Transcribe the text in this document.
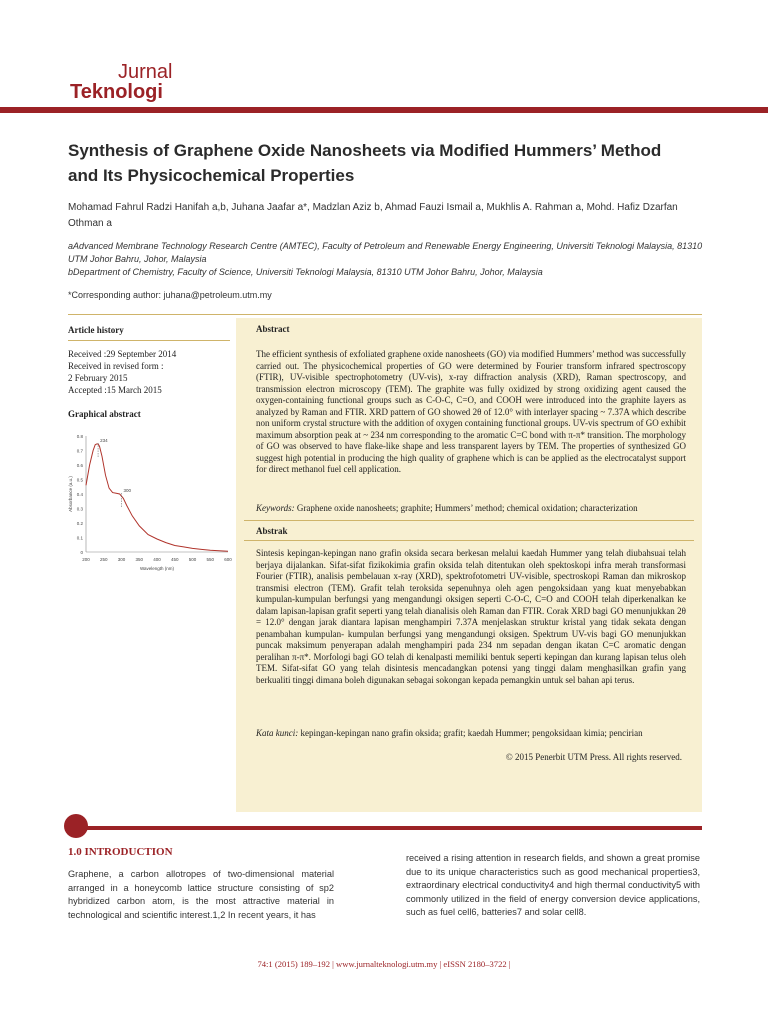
Jurnal
Teknologi
Synthesis of Graphene Oxide Nanosheets via Modified Hummers’ Method
and Its Physicochemical Properties
Mohamad Fahrul Radzi Hanifah a,b, Juhana Jaafar a*, Madzlan Aziz b, Ahmad Fauzi Ismail a, Mukhlis A. Rahman a, Mohd. Hafiz Dzarfan Othman a
aAdvanced Membrane Technology Research Centre (AMTEC), Faculty of Petroleum and Renewable Energy Engineering, Universiti Teknologi Malaysia, 81310 UTM Johor Bahru, Johor, Malaysia
bDepartment of Chemistry, Faculty of Science, Universiti Teknologi Malaysia, 81310 UTM Johor Bahru, Johor, Malaysia
*Corresponding author: juhana@petroleum.utm.my
Article history
Received :29 September 2014
Received in revised form :
2 February 2015
Accepted :15 March 2015
Graphical abstract
0
0.1
0.2
0.3
0.4
0.5
0.6
0.7
0.8
200 250 300 350 400 450 500 550 600
Wavelength (nm)
Absorbance (a.u.)
234
300
Abstract
The efficient synthesis of exfoliated graphene oxide nanosheets (GO) via modified Hummers’ method was successfully carried out. The physicochemical properties of GO were determined by Fourier transform infrared spectroscopy (FTIR), UV-visible spectrophotometry (UV-vis), x-ray diffraction analysis (XRD), Raman spectroscopy, and transmission electron microscopy (TEM). The graphite was fully oxidized by strong oxidizing agent caused the oxygen-containing functional groups such as C-O-C, C=O, and COOH were introduced into the graphite layers as analyzed by Raman and FTIR. XRD pattern of GO showed 2θ of 12.0° with interlayer spacing ~ 7.37A which describe non uniform crystal structure with the addition of oxygen containing functional groups. UV-vis spectrum of GO exhibit maximum absorption peak at ~ 234 nm corresponding to the aromatic C=C bond with π-π* transition. The morphology of GO was observed to have flake-like shape and less transparent layers by TEM. The properties of synthesized GO suggest high potential in producing the high quality of graphene which is can be applied as the electrocatalyst support for direct methanol fuel cell application.
Keywords: Graphene oxide nanosheets; graphite; Hummers’ method; chemical oxidation; characterization
Abstrak
Sintesis kepingan-kepingan nano grafin oksida secara berkesan melalui kaedah Hummer yang telah diubahsuai telah berjaya dijalankan. Sifat-sifat fizikokimia grafin oksida telah ditentukan oleh spektoskopi infra merah transformasi Fourier (FTIR), analisis pembelauan x-ray (XRD), spektrofotometri UV-visible, spectroskopi Raman dan mikroskop transmisi electron (TEM). Grafit telah teroksida sepenuhnya oleh agen pengoksidaan yang kuat menyebabkan kumpulan-kumpulan berfungsi yang mengandungi oksigen seperti C-O-C, C=O and COOH telah diperkenalkan ke dalam lapisan-lapisan grafit seperti yang telah dianalisis oleh Raman dan FTIR. Corak XRD bagi GO menunjukkan 2θ = 12.0° dengan jarak diantara lapisan menghampiri 7.37A menjelaskan struktur kristal yang tidak sekata dengan penambahan kumpulan- kumpulan berfungsi yang mengandungi oksigen. Spektrum UV-vis bagi GO menunjukkan puncak maksimum penyerapan adalah menghampiri pada 234 nm sepadan dengan ikatan C=C aromatic dengan peralihan π-π*. Morfologi bagi GO telah di kenalpasti memiliki bentuk seperti kepingan dan kurang lapisan telus oleh TEM. Sifat-sifat GO yang telah disintesis mencadangkan potensi yang tinggi dalam menghasilkan grafin yang berkualiti tinggi dimana boleh digunakan sebagai sokongan kepada pemangkin untuk sel bahan api terus.
Kata kunci: kepingan-kepingan nano grafin oksida; grafit; kaedah Hummer; pengoksidaan kimia; pencirian
© 2015 Penerbit UTM Press. All rights reserved.
1.0 INTRODUCTION
Graphene, a carbon allotropes of two-dimensional material arranged in a honeycomb lattice structure consisting of sp2 hybridized carbon atom, is the most attractive material in technological and scientific interest.1,2 In recent years, it has
received a rising attention in research fields, and shown a great promise due to its unique characteristics such as good mechanical properties3, extraordinary electrical conductivity4 and high thermal conductivity5 with commonly utilized in the field of energy conversion device applications, such as fuel cell6, batteries7 and solar cell8.
74:1 (2015) 189–192 | www.jurnalteknologi.utm.my | eISSN 2180–3722 |
